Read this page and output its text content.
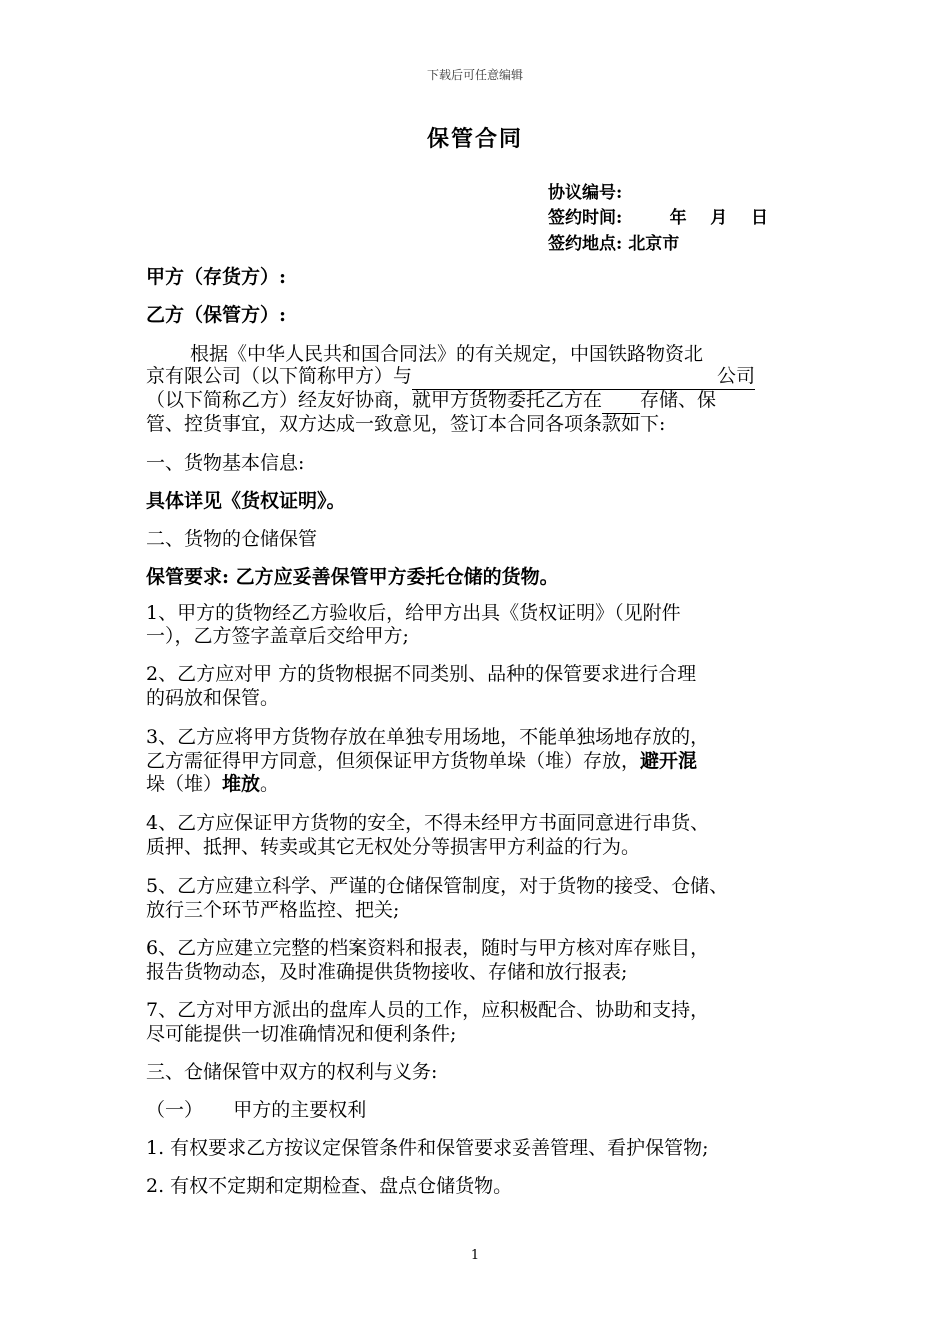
下载后可任意编辑
保管合同
协议编号:
签约时间:        年    月    日
签约地点: 北京市
甲方（存货方）:
乙方（保管方）:
根据《中华人民共和国合同法》的有关规定，中国铁路物资北
京有限公司（以下简称甲方）与	公司
（以下简称乙方）经友好协商，就甲方货物委托乙方在 存储、保
管、控货事宜，双方达成一致意见，签订本合同各项条款如下:
一、货物基本信息:
具体详见《货权证明》。
二、货物的仓储保管
保管要求: 乙方应妥善保管甲方委托仓储的货物。
1、甲方的货物经乙方验收后，给甲方出具《货权证明》（见附件
一），乙方签字盖章后交给甲方;
2、乙方应对甲 方的货物根据不同类别、品种的保管要求进行合理
的码放和保管。
3、乙方应将甲方货物存放在单独专用场地，不能单独场地存放的，
乙方需征得甲方同意，但须保证甲方货物单垛（堆）存放，避开混
垛（堆）堆放。
4、乙方应保证甲方货物的安全，不得未经甲方书面同意进行串货、
质押、抵押、转卖或其它无权处分等损害甲方利益的行为。
5、乙方应建立科学、严谨的仓储保管制度，对于货物的接受、仓储、
放行三个环节严格监控、把关;
6、乙方应建立完整的档案资料和报表，随时与甲方核对库存账目，
报告货物动态，及时准确提供货物接收、存储和放行报表;
7、乙方对甲方派出的盘库人员的工作，应积极配合、协助和支持，
尽可能提供一切准确情况和便利条件;
三、仓储保管中双方的权利与义务:
（一）     甲方的主要权利
1. 有权要求乙方按议定保管条件和保管要求妥善管理、看护保管物;
2. 有权不定期和定期检查、盘点仓储货物。
1
